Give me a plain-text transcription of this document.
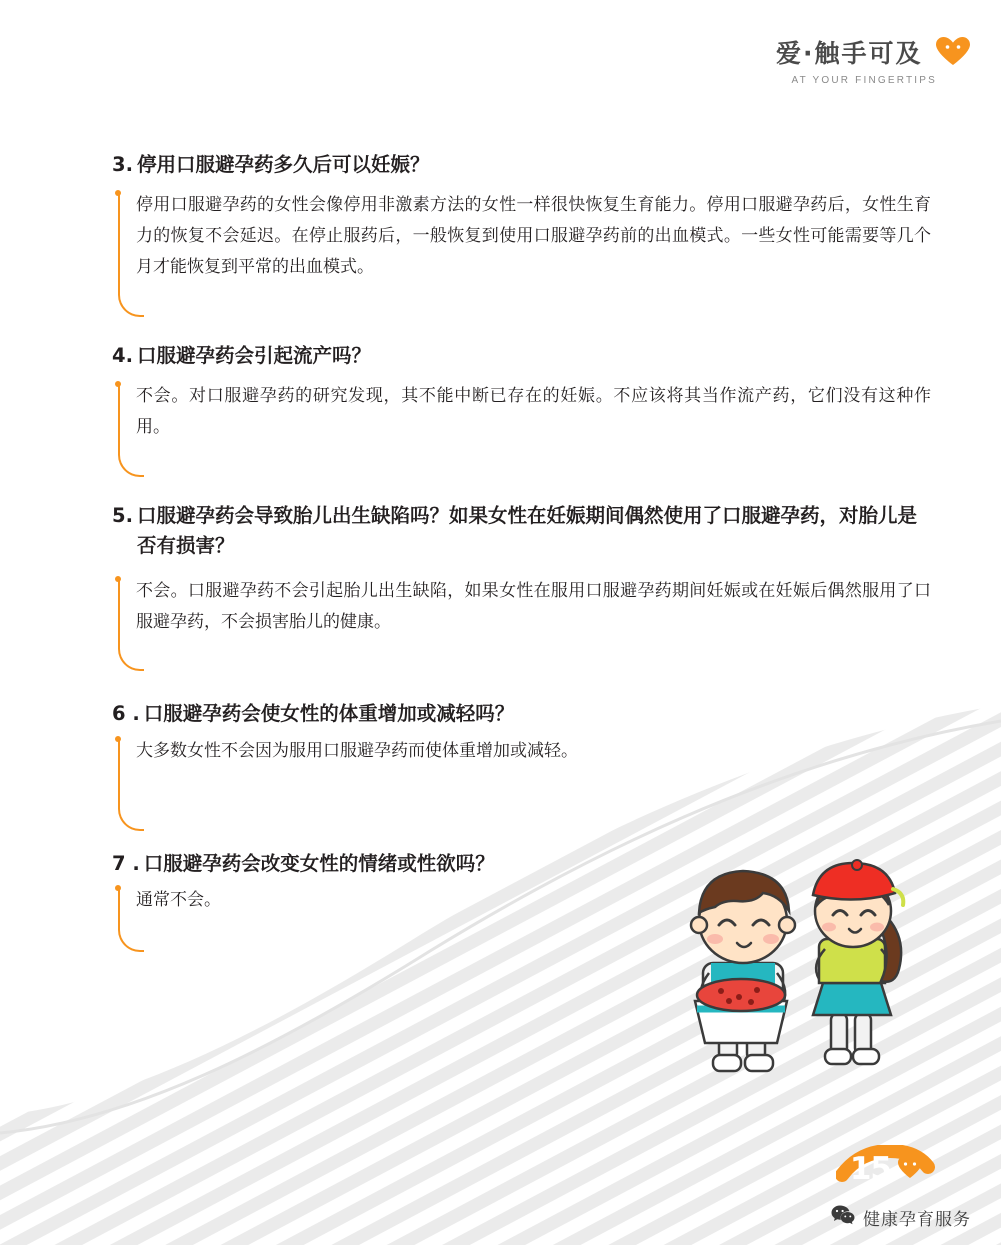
爱·触手可及
AT YOUR FINGERTIPS
3. 停用口服避孕药多久后可以妊娠？
停用口服避孕药的女性会像停用非激素方法的女性一样很快恢复生育能力。停用口服避孕药后，女性生育力的恢复不会延迟。在停止服药后，一般恢复到使用口服避孕药前的出血模式。一些女性可能需要等几个月才能恢复到平常的出血模式。
4. 口服避孕药会引起流产吗？
不会。对口服避孕药的研究发现，其不能中断已存在的妊娠。不应该将其当作流产药，它们没有这种作用。
5. 口服避孕药会导致胎儿出生缺陷吗？如果女性在妊娠期间偶然使用了口服避孕药，对胎儿是否有损害？
不会。口服避孕药不会引起胎儿出生缺陷，如果女性在服用口服避孕药期间妊娠或在妊娠后偶然服用了口服避孕药，不会损害胎儿的健康。
6 . 口服避孕药会使女性的体重增加或减轻吗？
大多数女性不会因为服用口服避孕药而使体重增加或减轻。
7 . 口服避孕药会改变女性的情绪或性欲吗？
通常不会。
15
健康孕育服务
